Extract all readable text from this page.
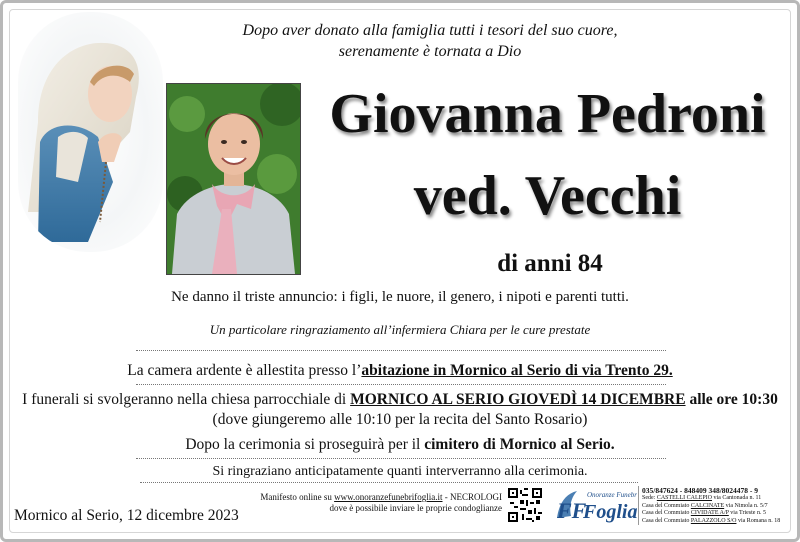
Dopo aver donato alla famiglia tutti i tesori del suo cuore,
serenamente è tornata a Dio
Giovanna Pedroni
ved. Vecchi
di anni 84
Ne danno il triste annuncio: i figli, le nuore, il genero, i nipoti e parenti tutti.
Un particolare ringraziamento all’infermiera Chiara per le cure prestate
La camera ardente è allestita presso l’abitazione in Mornico al Serio di via Trento 29.
I funerali si svolgeranno nella chiesa parrocchiale di MORNICO AL SERIO GIOVEDÌ 14 DICEMBRE alle ore 10:30
(dove giungeremo alle 10:10 per la recita del Santo Rosario)
Dopo la cerimonia si proseguirà per il cimitero di Mornico al Serio.
Si ringraziano anticipatamente quanti interverranno alla cerimonia.
Mornico al Serio, 12 dicembre 2023
Manifesto online su www.onoranzefunebrifoglia.it - NECROLOGI
dove è possibile inviare le proprie condoglianze	FF
Onoranze Funebri
Foglia
035/847624 - 848409 348/8024478 - 9
Sede: CASTELLI CALEPIO via Cantonada n. 11
Casa del Commiato CALCINATE via Nimola n. 5/7
Casa del Commiato CIVIDATE A/P via Trieste n. 5
Casa del Commiato PALAZZOLO S/O via Romana n. 18
